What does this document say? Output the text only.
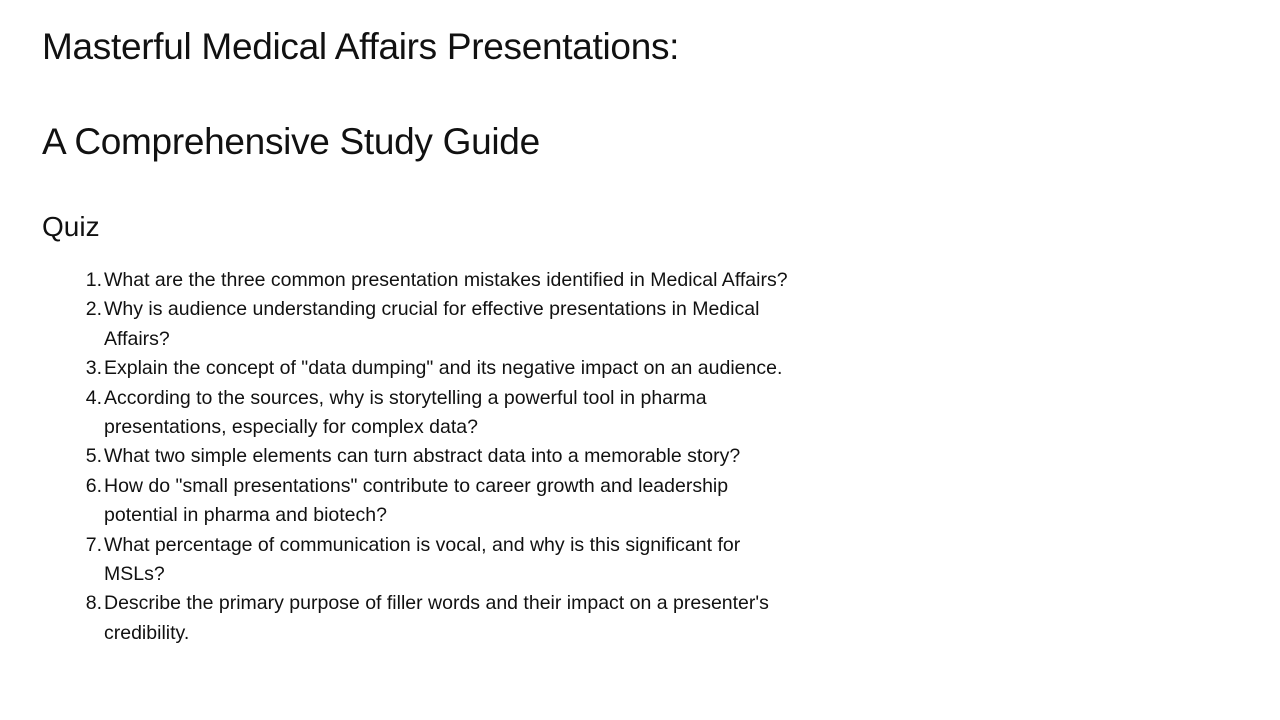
Masterful Medical Affairs Presentations:
A Comprehensive Study Guide
Quiz
1. What are the three common presentation mistakes identified in Medical Affairs?
2. Why is audience understanding crucial for effective presentations in Medical Affairs?
3. Explain the concept of "data dumping" and its negative impact on an audience.
4. According to the sources, why is storytelling a powerful tool in pharma presentations, especially for complex data?
5. What two simple elements can turn abstract data into a memorable story?
6. How do "small presentations" contribute to career growth and leadership potential in pharma and biotech?
7. What percentage of communication is vocal, and why is this significant for MSLs?
8. Describe the primary purpose of filler words and their impact on a presenter's credibility.
